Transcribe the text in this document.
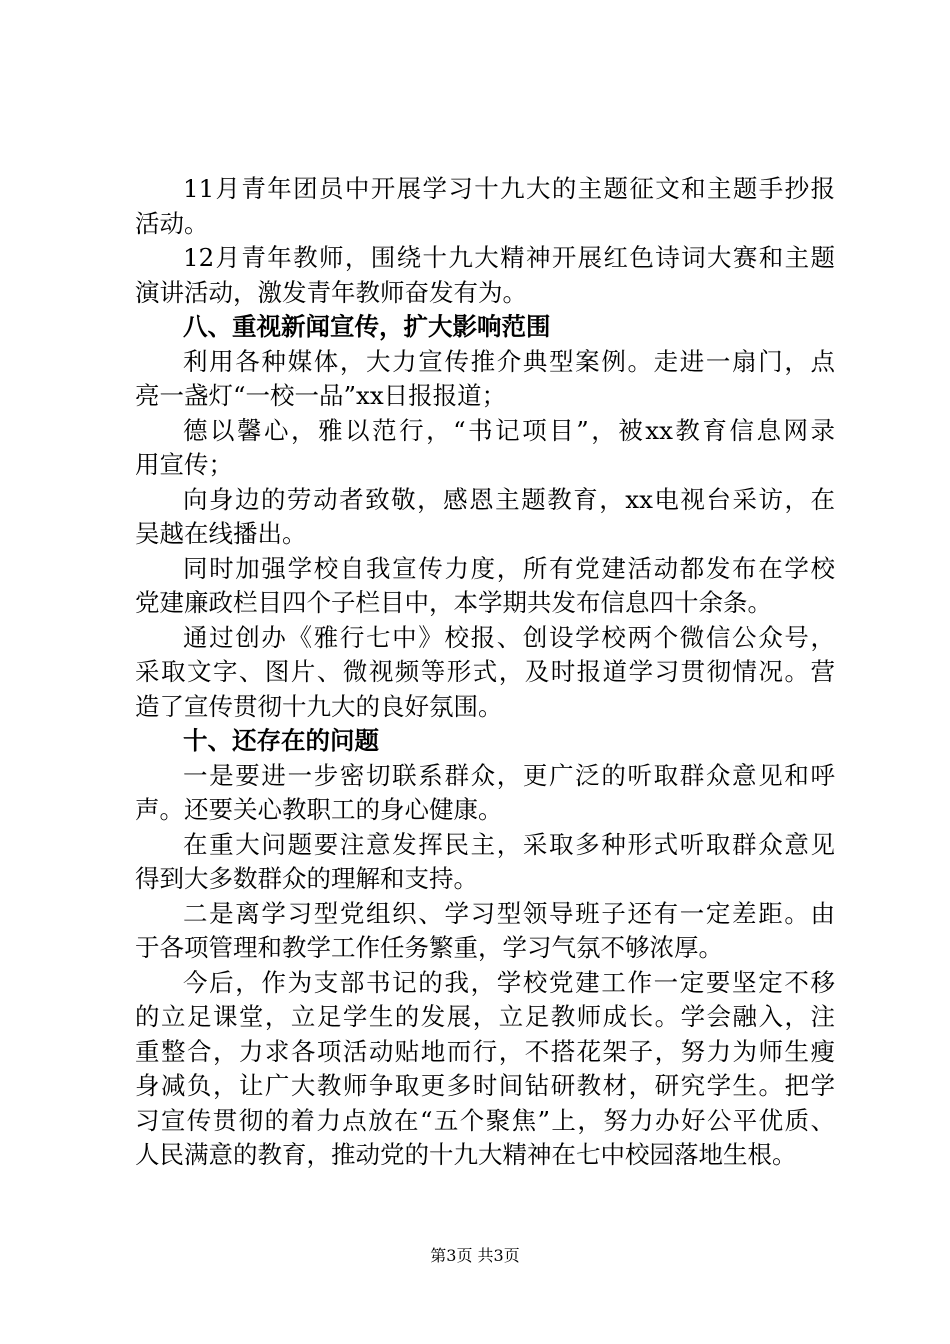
11月青年团员中开展学习十九大的主题征文和主题手抄报
活动。
12月青年教师，围绕十九大精神开展红色诗词大赛和主题
演讲活动，激发青年教师奋发有为。
八、重视新闻宣传，扩大影响范围
利用各种媒体，大力宣传推介典型案例。走进一扇门，点
亮一盏灯“一校一品”xx日报报道；
德以馨心，雅以范行，“书记项目”，被xx教育信息网录
用宣传；
向身边的劳动者致敬，感恩主题教育，xx电视台采访，在
吴越在线播出。
同时加强学校自我宣传力度，所有党建活动都发布在学校
党建廉政栏目四个子栏目中，本学期共发布信息四十余条。
通过创办《雅行七中》校报、创设学校两个微信公众号，
采取文字、图片、微视频等形式，及时报道学习贯彻情况。营
造了宣传贯彻十九大的良好氛围。
十、还存在的问题
一是要进一步密切联系群众，更广泛的听取群众意见和呼
声。还要关心教职工的身心健康。
在重大问题要注意发挥民主，采取多种形式听取群众意见
得到大多数群众的理解和支持。
二是离学习型党组织、学习型领导班子还有一定差距。由
于各项管理和教学工作任务繁重，学习气氛不够浓厚。
今后，作为支部书记的我，学校党建工作一定要坚定不移
的立足课堂，立足学生的发展，立足教师成长。学会融入，注
重整合，力求各项活动贴地而行，不搭花架子，努力为师生瘦
身减负，让广大教师争取更多时间钻研教材，研究学生。把学
习宣传贯彻的着力点放在“五个聚焦”上，努力办好公平优质、
人民满意的教育，推动党的十九大精神在七中校园落地生根。
第3页 共3页
